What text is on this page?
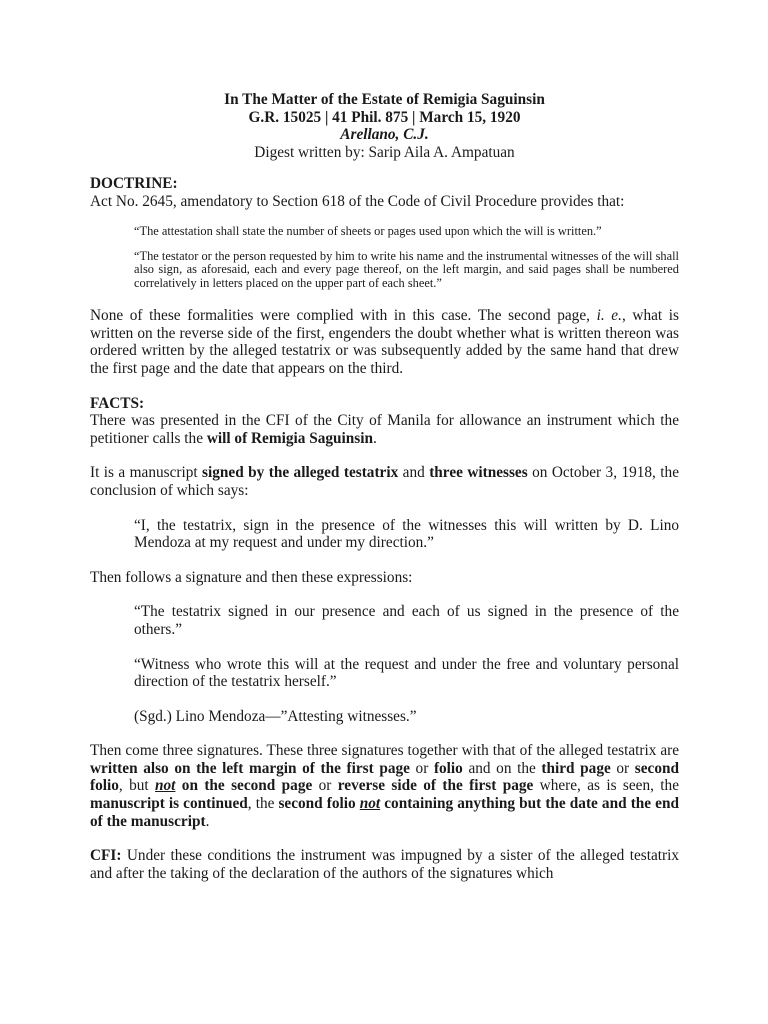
In The Matter of the Estate of Remigia Saguinsin
G.R. 15025 | 41 Phil. 875 | March 15, 1920
Arellano, C.J.
Digest written by: Sarip Aila A. Ampatuan
DOCTRINE:

Act No. 2645, amendatory to Section 618 of the Code of Civil Procedure provides that:

“The attestation shall state the number of sheets or pages used upon which the will is written.”
“The testator or the person requested by him to write his name and the instrumental witnesses of the will shall also sign, as aforesaid, each and every page thereof, on the left margin, and said pages shall be numbered correlatively in letters placed on the upper part of each sheet.”

None of these formalities were complied with in this case. The second page, i. e., what is written on the reverse side of the first, engenders the doubt whether what is written thereon was ordered written by the alleged testatrix or was subsequently added by the same hand that drew the first page and the date that appears on the third.

FACTS:

There was presented in the CFI of the City of Manila for allowance an instrument which the petitioner calls the will of Remigia Saguinsin.

It is a manuscript signed by the alleged testatrix and three witnesses on October 3, 1918, the conclusion of which says:

“I, the testatrix, sign in the presence of the witnesses this will written by D. Lino Mendoza at my request and under my direction.”

Then follows a signature and then these expressions:

“The testatrix signed in our presence and each of us signed in the presence of the others.”
“Witness who wrote this will at the request and under the free and voluntary personal direction of the testatrix herself.”
(Sgd.) Lino Mendoza—”Attesting witnesses.”

Then come three signatures. These three signatures together with that of the alleged testatrix are written also on the left margin of the first page or folio and on the third page or second folio, but not on the second page or reverse side of the first page where, as is seen, the manuscript is continued, the second folio not containing anything but the date and the end of the manuscript.

CFI: Under these conditions the instrument was impugned by a sister of the alleged testatrix and after the taking of the declaration of the authors of the signatures which
